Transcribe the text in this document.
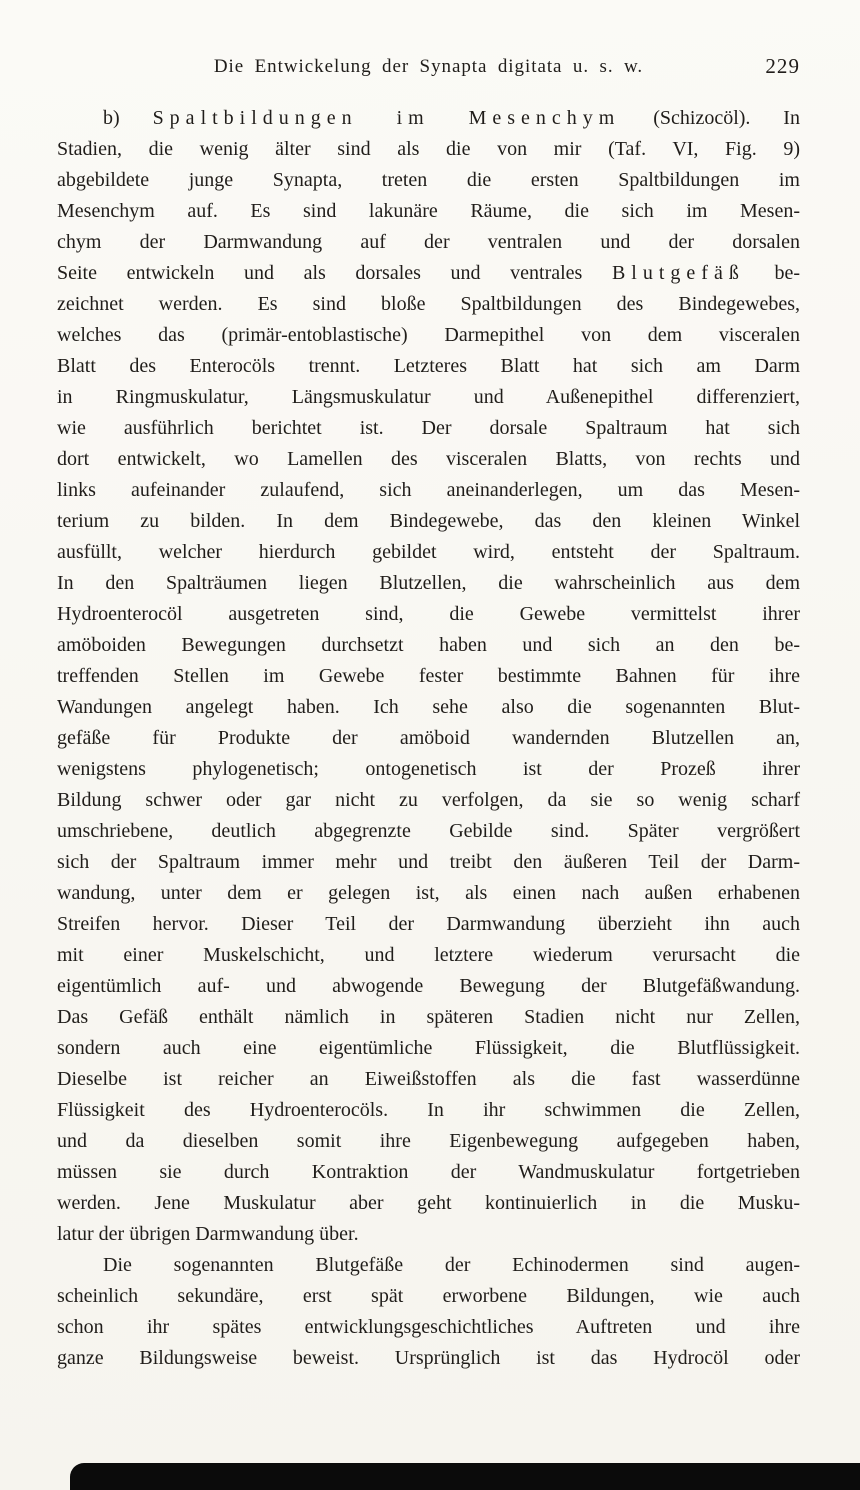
Die Entwickelung der Synapta digitata u. s. w.	229
b) Spaltbildungen im Mesenchym (Schizocöl). In
Stadien, die wenig älter sind als die von mir (Taf. VI, Fig. 9)
abgebildete junge Synapta, treten die ersten Spaltbildungen im
Mesenchym auf. Es sind lakunäre Räume, die sich im Mesen-
chym der Darmwandung auf der ventralen und der dorsalen
Seite entwickeln und als dorsales und ventrales Blutgefäß be-
zeichnet werden. Es sind bloße Spaltbildungen des Bindegewebes,
welches das (primär-entoblastische) Darmepithel von dem visceralen
Blatt des Enterocöls trennt. Letzteres Blatt hat sich am Darm
in Ringmuskulatur, Längsmuskulatur und Außenepithel differenziert,
wie ausführlich berichtet ist. Der dorsale Spaltraum hat sich
dort entwickelt, wo Lamellen des visceralen Blatts, von rechts und
links aufeinander zulaufend, sich aneinanderlegen, um das Mesen-
terium zu bilden. In dem Bindegewebe, das den kleinen Winkel
ausfüllt, welcher hierdurch gebildet wird, entsteht der Spaltraum.
In den Spalträumen liegen Blutzellen, die wahrscheinlich aus dem
Hydroenterocöl ausgetreten sind, die Gewebe vermittelst ihrer
amöboiden Bewegungen durchsetzt haben und sich an den be-
treffenden Stellen im Gewebe fester bestimmte Bahnen für ihre
Wandungen angelegt haben. Ich sehe also die sogenannten Blut-
gefäße für Produkte der amöboid wandernden Blutzellen an,
wenigstens phylogenetisch; ontogenetisch ist der Prozeß ihrer
Bildung schwer oder gar nicht zu verfolgen, da sie so wenig scharf
umschriebene, deutlich abgegrenzte Gebilde sind. Später vergrößert
sich der Spaltraum immer mehr und treibt den äußeren Teil der Darm-
wandung, unter dem er gelegen ist, als einen nach außen erhabenen
Streifen hervor. Dieser Teil der Darmwandung überzieht ihn auch
mit einer Muskelschicht, und letztere wiederum verursacht die
eigentümlich auf- und abwogende Bewegung der Blutgefäßwandung.
Das Gefäß enthält nämlich in späteren Stadien nicht nur Zellen,
sondern auch eine eigentümliche Flüssigkeit, die Blutflüssigkeit.
Dieselbe ist reicher an Eiweißstoffen als die fast wasserdünne
Flüssigkeit des Hydroenterocöls. In ihr schwimmen die Zellen,
und da dieselben somit ihre Eigenbewegung aufgegeben haben,
müssen sie durch Kontraktion der Wandmuskulatur fortgetrieben
werden. Jene Muskulatur aber geht kontinuierlich in die Musku-
latur der übrigen Darmwandung über.
Die sogenannten Blutgefäße der Echinodermen sind augen-
scheinlich sekundäre, erst spät erworbene Bildungen, wie auch
schon ihr spätes entwicklungsgeschichtliches Auftreten und ihre
ganze Bildungsweise beweist. Ursprünglich ist das Hydrocöl oder
